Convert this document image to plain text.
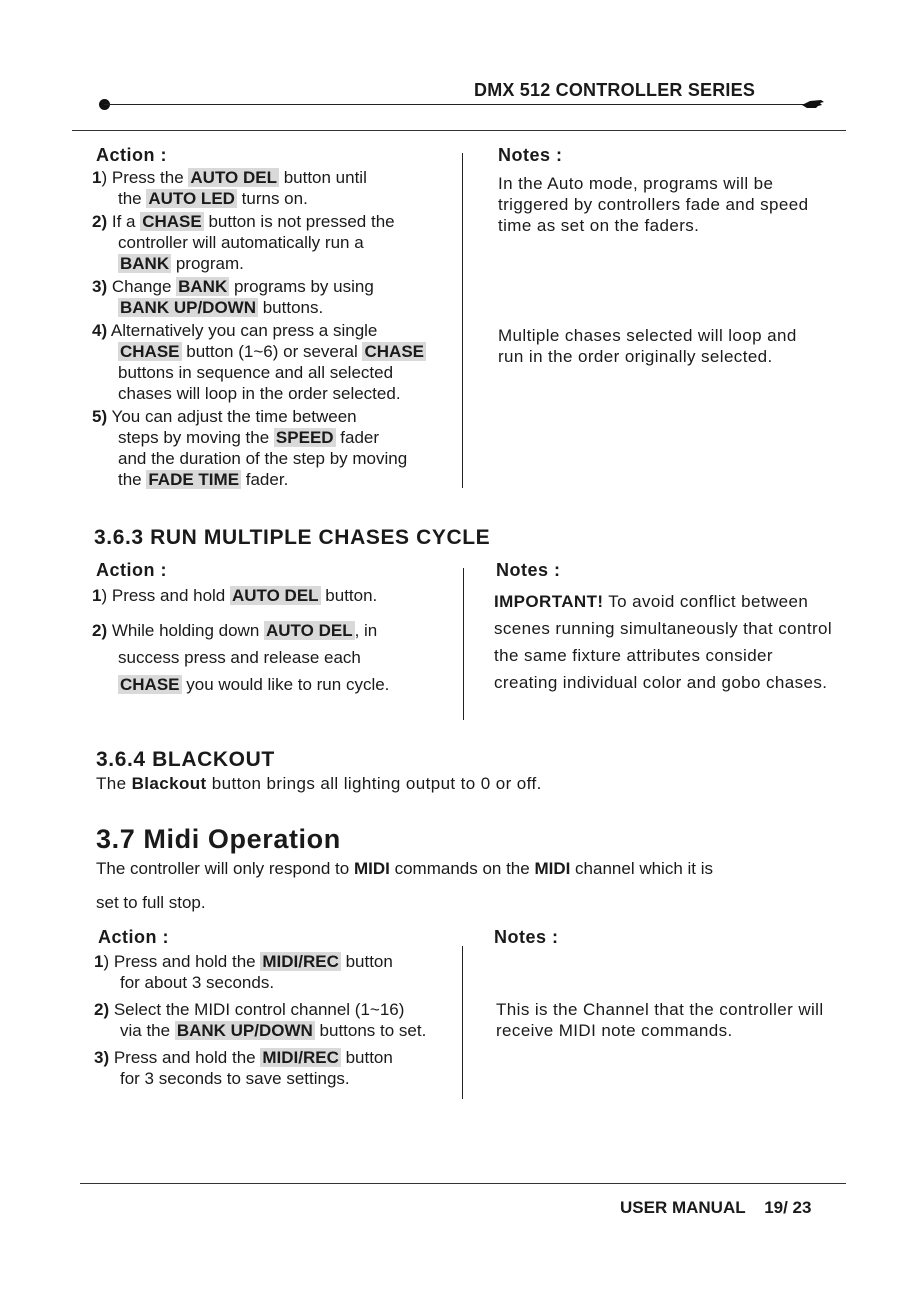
DMX 512 CONTROLLER SERIES
Action :
1) Press the AUTO DEL button until
the AUTO LED turns on.
2) If a CHASE button is not pressed the
controller will automatically run a
BANK program.
3) Change BANK programs by using
BANK UP/DOWN buttons.
4) Alternatively you can press a single
CHASE button (1~6) or several CHASE
buttons in sequence and all selected
chases will loop in the order selected.
5) You can adjust the time between
steps by moving the SPEED fader
and the duration of the step by moving
the FADE TIME fader.
Notes :
In the Auto mode, programs will be triggered by controllers fade and speed time as set on the faders.
Multiple chases selected will loop and run in the order originally selected.
3.6.3 RUN MULTIPLE CHASES CYCLE
Action :
1) Press and hold AUTO DEL button.
2) While holding down AUTO DEL , in
success press and release each
CHASE you would like to run cycle.
Notes :
IMPORTANT! To avoid conflict between scenes running simultaneously that control the same fixture attributes consider creating individual color and gobo chases.
3.6.4 BLACKOUT
The Blackout button brings all lighting output to 0 or off.
3.7 Midi Operation
The controller will only respond to MIDI commands on the MIDI channel which it is
set to full stop.
Action :
1) Press and hold the MIDI/REC button
for about 3 seconds.
2) Select the MIDI control channel (1~16)
via the BANK UP/DOWN buttons to set.
3) Press and hold the MIDI/REC button
for 3 seconds to save settings.
Notes :
This is the Channel that the controller will receive MIDI note commands.
USER MANUAL    19/ 23
